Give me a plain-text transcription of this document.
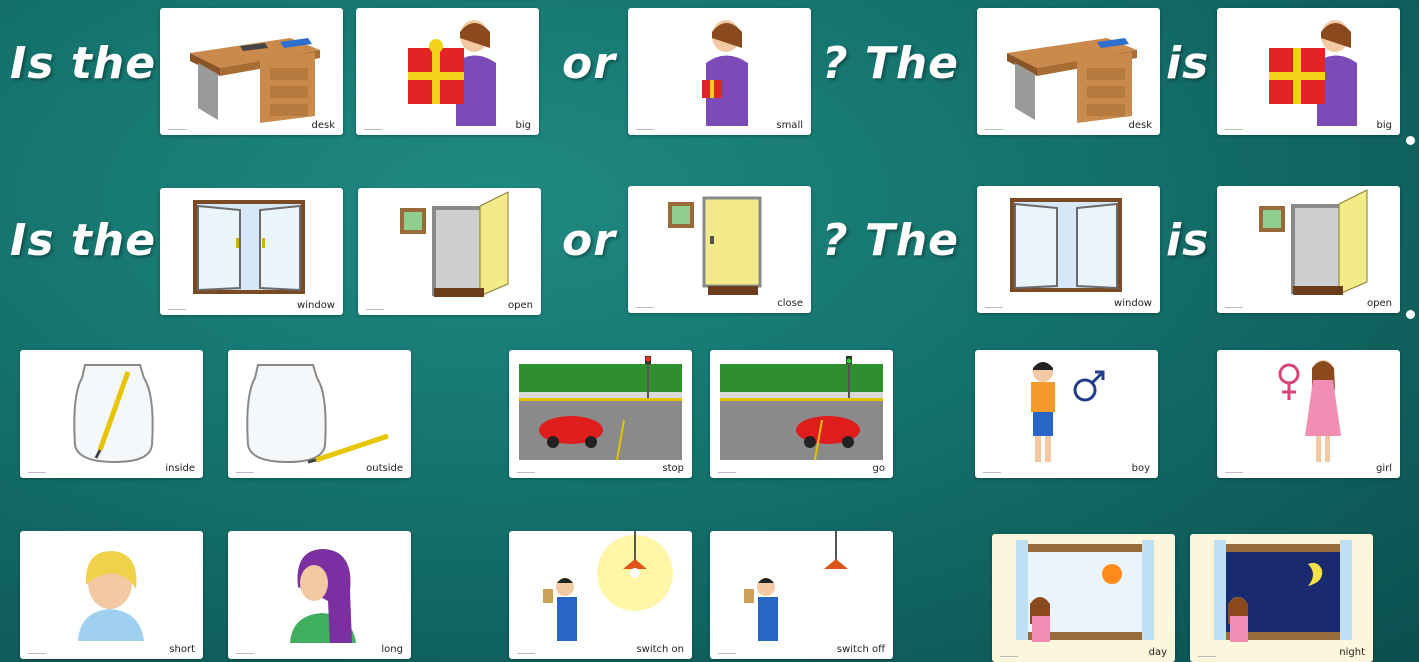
Is the
desk	big
or
small
? The
desk
is
big
Is the
window	open
or
close
? The
window
is
open
inside	outside	stop	go	boy	girl
short	long	switch on	switch off	day	night
